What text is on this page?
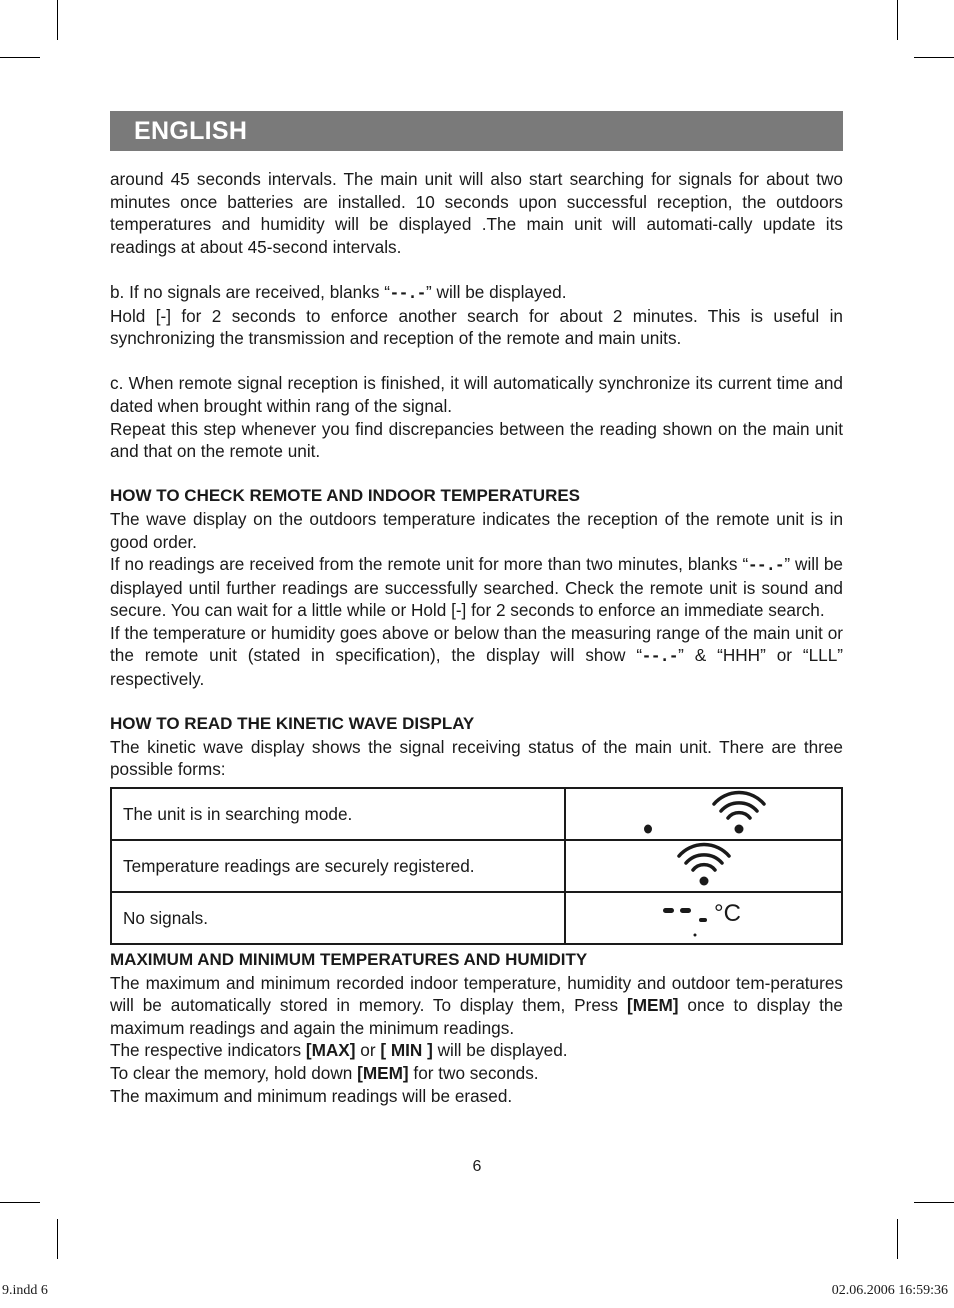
ENGLISH

around 45 seconds intervals. The main unit will also start searching for signals for about two minutes once batteries are installed. 10 seconds upon successful reception, the outdoors temperatures and humidity will be displayed .The main unit will automati-cally update its readings at about 45-second intervals.

b. If no signals are received, blanks “--.-” will be displayed.

Hold [-] for 2 seconds to enforce another search for about 2 minutes. This is useful in synchronizing the transmission and reception of the remote and main units.

c. When remote signal reception is finished, it will automatically synchronize its current time and dated when brought within rang of the signal.

Repeat this step whenever you find discrepancies between the reading shown on the main unit and that on the remote unit.

HOW TO CHECK REMOTE AND INDOOR TEMPERATURES

The wave display on the outdoors temperature indicates the reception of the remote unit is in good order.

If no readings are received from the remote unit for more than two minutes, blanks “--.-” will be displayed until further readings are successfully searched. Check the remote unit is sound and secure. You can wait for a little while or Hold [-] for 2 seconds to enforce an immediate search.

If the temperature or humidity goes above or below than the measuring range of the main unit or the remote unit (stated in specification), the display will show “--.-” & “HHH” or “LLL” respectively.

HOW TO READ THE KINETIC WAVE DISPLAY

The kinetic wave display shows the signal receiving status of the main unit. There are three possible forms:

The unit is in searching mode.	

Temperature readings are securely registered.	

No signals.	°C
MAXIMUM AND MINIMUM TEMPERATURES AND HUMIDITY

The maximum and minimum recorded indoor temperature, humidity and outdoor tem-peratures will be automatically stored in memory. To display them, Press [MEM] once to display the maximum readings and again the minimum readings.

The respective indicators [MAX] or [ MIN ] will be displayed.

To clear the memory, hold down [MEM] for two seconds.

The maximum and minimum readings will be erased.

6
9.indd 6	02.06.2006 16:59:36
